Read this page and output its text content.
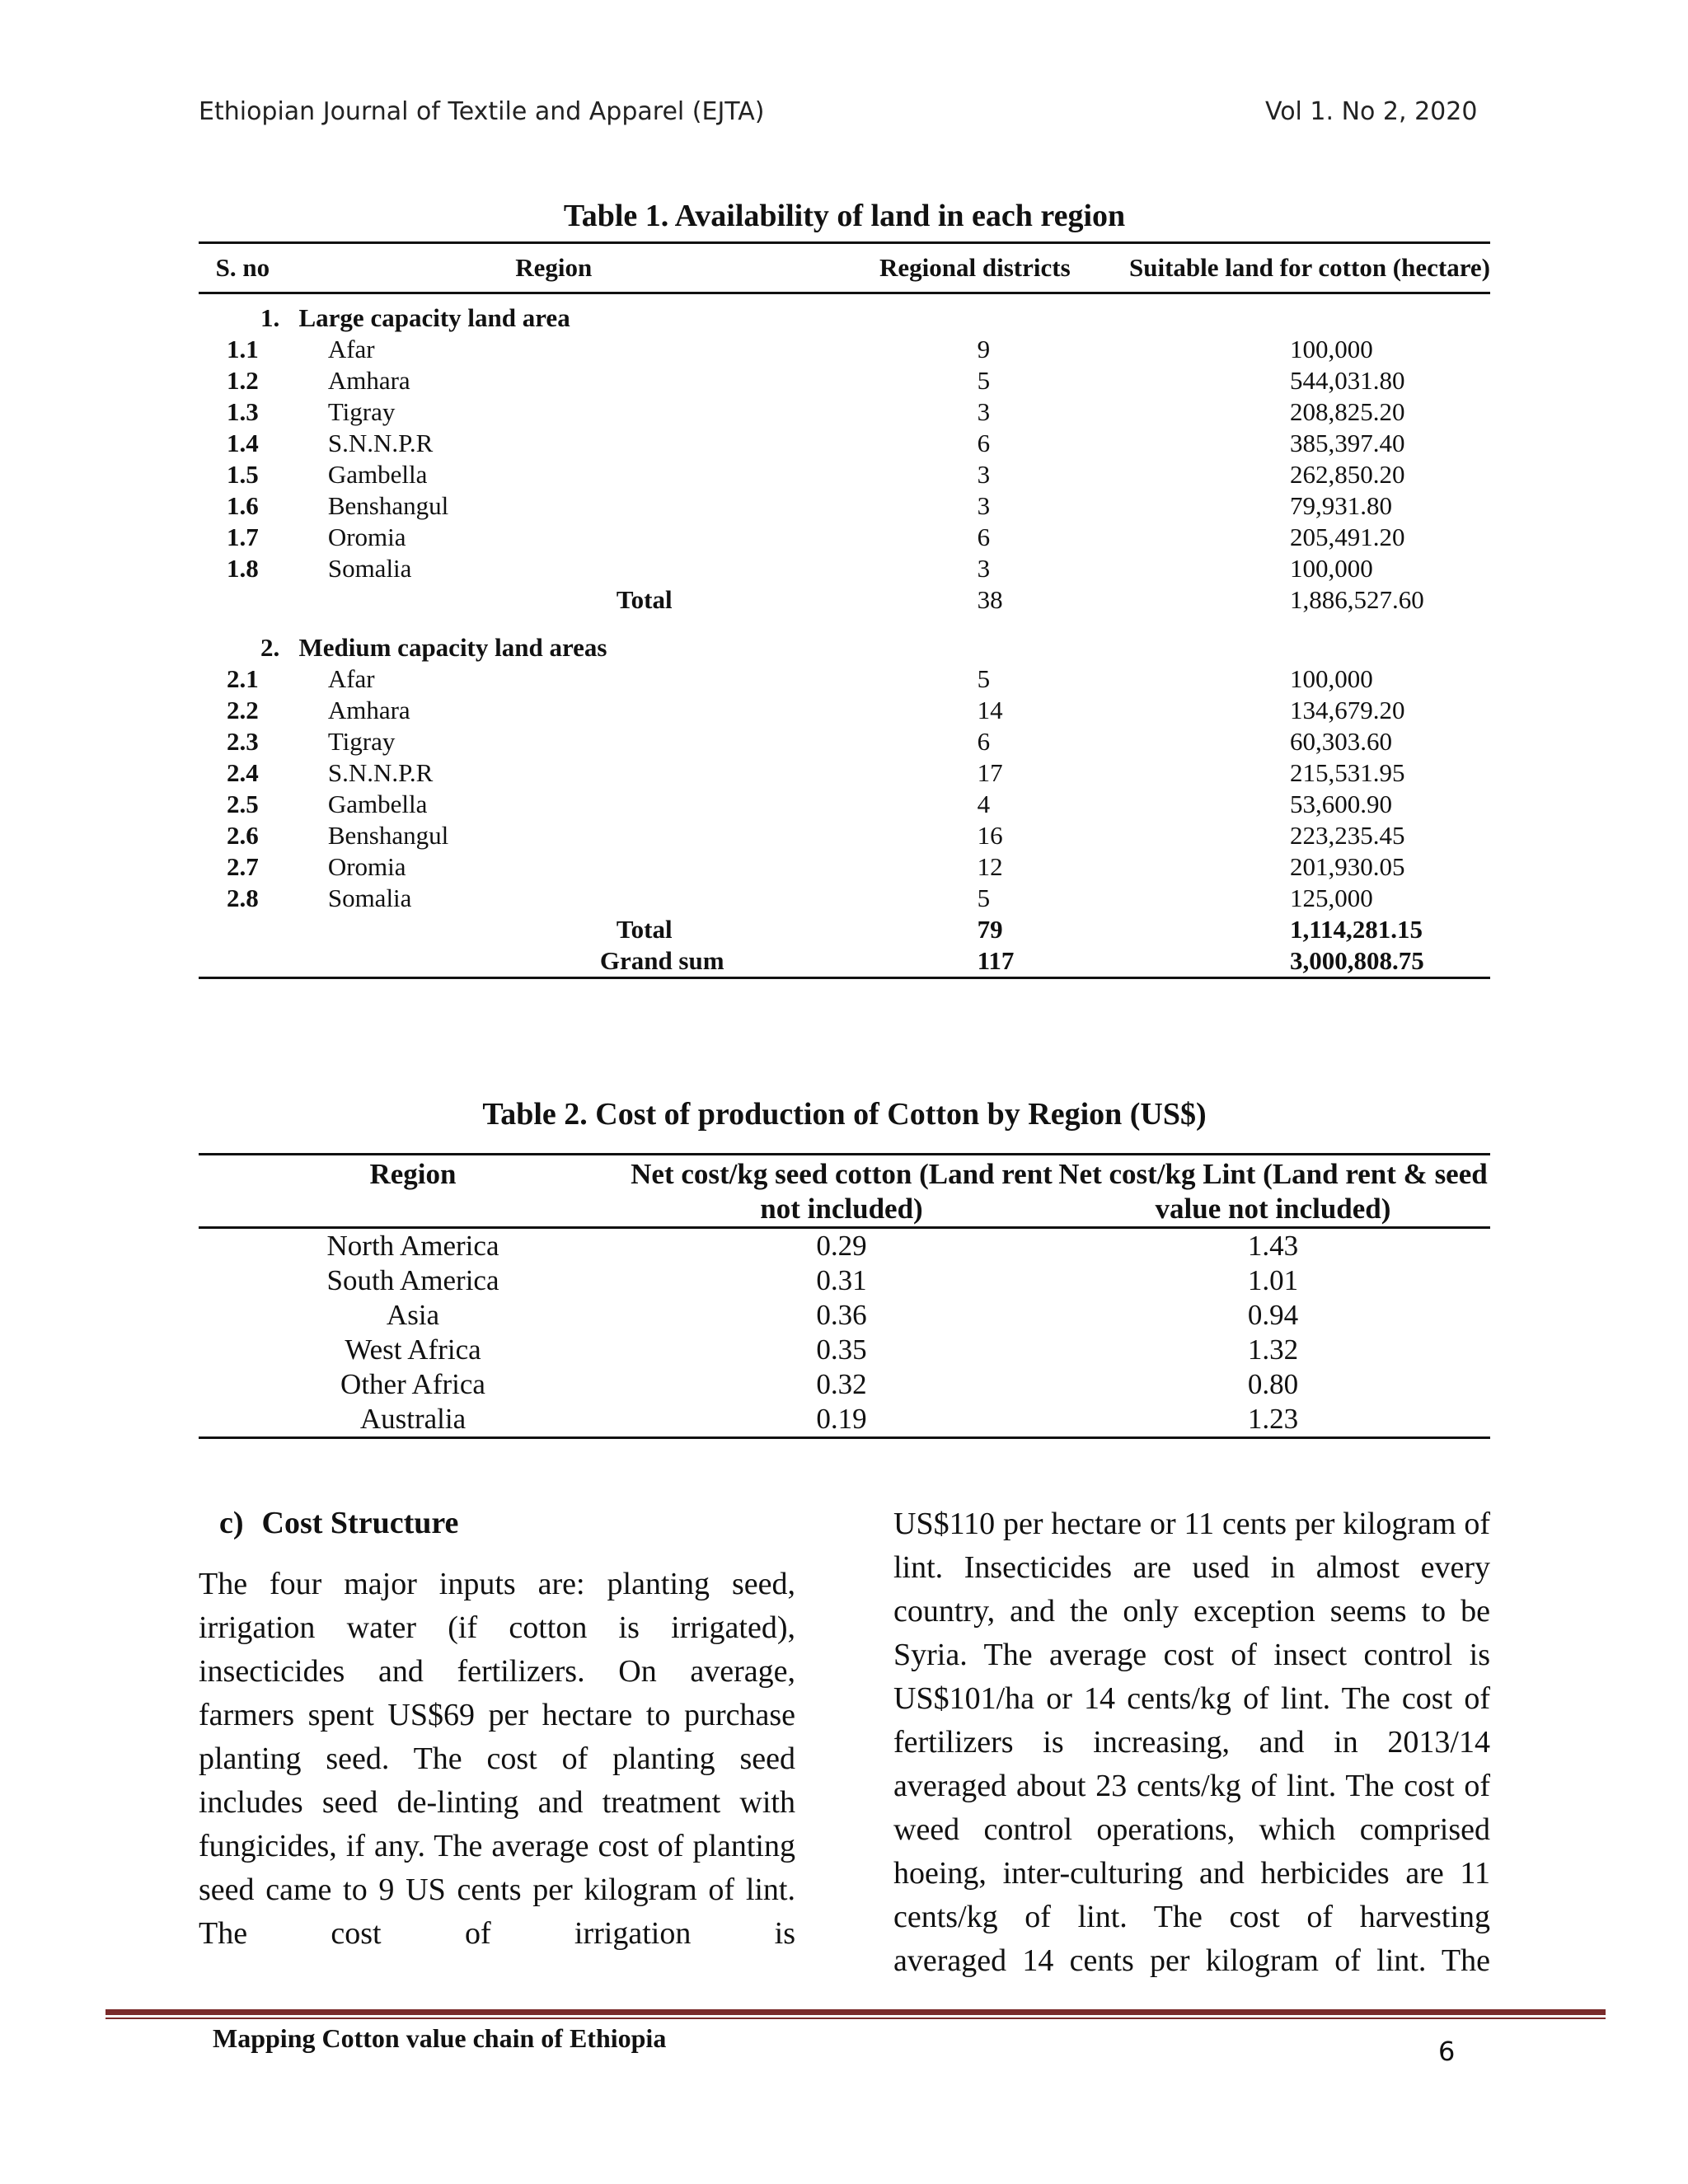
Ethiopian Journal of Textile and Apparel (EJTA)	Vol 1. No 2, 2020
Table 1. Availability of land in each region
S. no	Region	Regional districts	Suitable land for cotton (hectare)
1. Large capacity land area			
1.1	Afar	9	100,000
1.2	Amhara	5	544,031.80
1.3	Tigray	3	208,825.20
1.4	S.N.N.P.R	6	385,397.40
1.5	Gambella	3	262,850.20
1.6	Benshangul	3	79,931.80
1.7	Oromia	6	205,491.20
1.8	Somalia	3	100,000
	Total	38	1,886,527.60

2. Medium capacity land areas			
2.1	Afar	5	100,000
2.2	Amhara	14	134,679.20
2.3	Tigray	6	60,303.60
2.4	S.N.N.P.R	17	215,531.95
2.5	Gambella	4	53,600.90
2.6	Benshangul	16	223,235.45
2.7	Oromia	12	201,930.05
2.8	Somalia	5	125,000
	Total	79	1,114,281.15
	Grand sum	117	3,000,808.75
Table 2. Cost of production of Cotton by Region (US$)
Region	Net cost/kg seed cotton (Land rent not included)	Net cost/kg Lint (Land rent & seed value not included)
North America	0.29	1.43
South America	0.31	1.01
Asia	0.36	0.94
West Africa	0.35	1.32
Other Africa	0.32	0.80
Australia	0.19	1.23
c) Cost Structure
The four major inputs are: planting seed, irrigation water (if cotton is irrigated), insecticides and fertilizers. On average, farmers spent US$69 per hectare to purchase planting seed. The cost of planting seed includes seed de-linting and treatment with fungicides, if any. The average cost of planting seed came to 9 US cents per kilogram of lint. The cost of irrigation is
US$110 per hectare or 11 cents per kilogram of lint. Insecticides are used in almost every country, and the only exception seems to be Syria. The average cost of insect control is US$101/ha or 14 cents/kg of lint. The cost of fertilizers is increasing, and in 2013/14 averaged about 23 cents/kg of lint. The cost of weed control operations, which comprised hoeing, inter-culturing and herbicides are 11 cents/kg of lint. The cost of harvesting averaged 14 cents per kilogram of lint. The
Mapping Cotton value chain of Ethiopia	6
